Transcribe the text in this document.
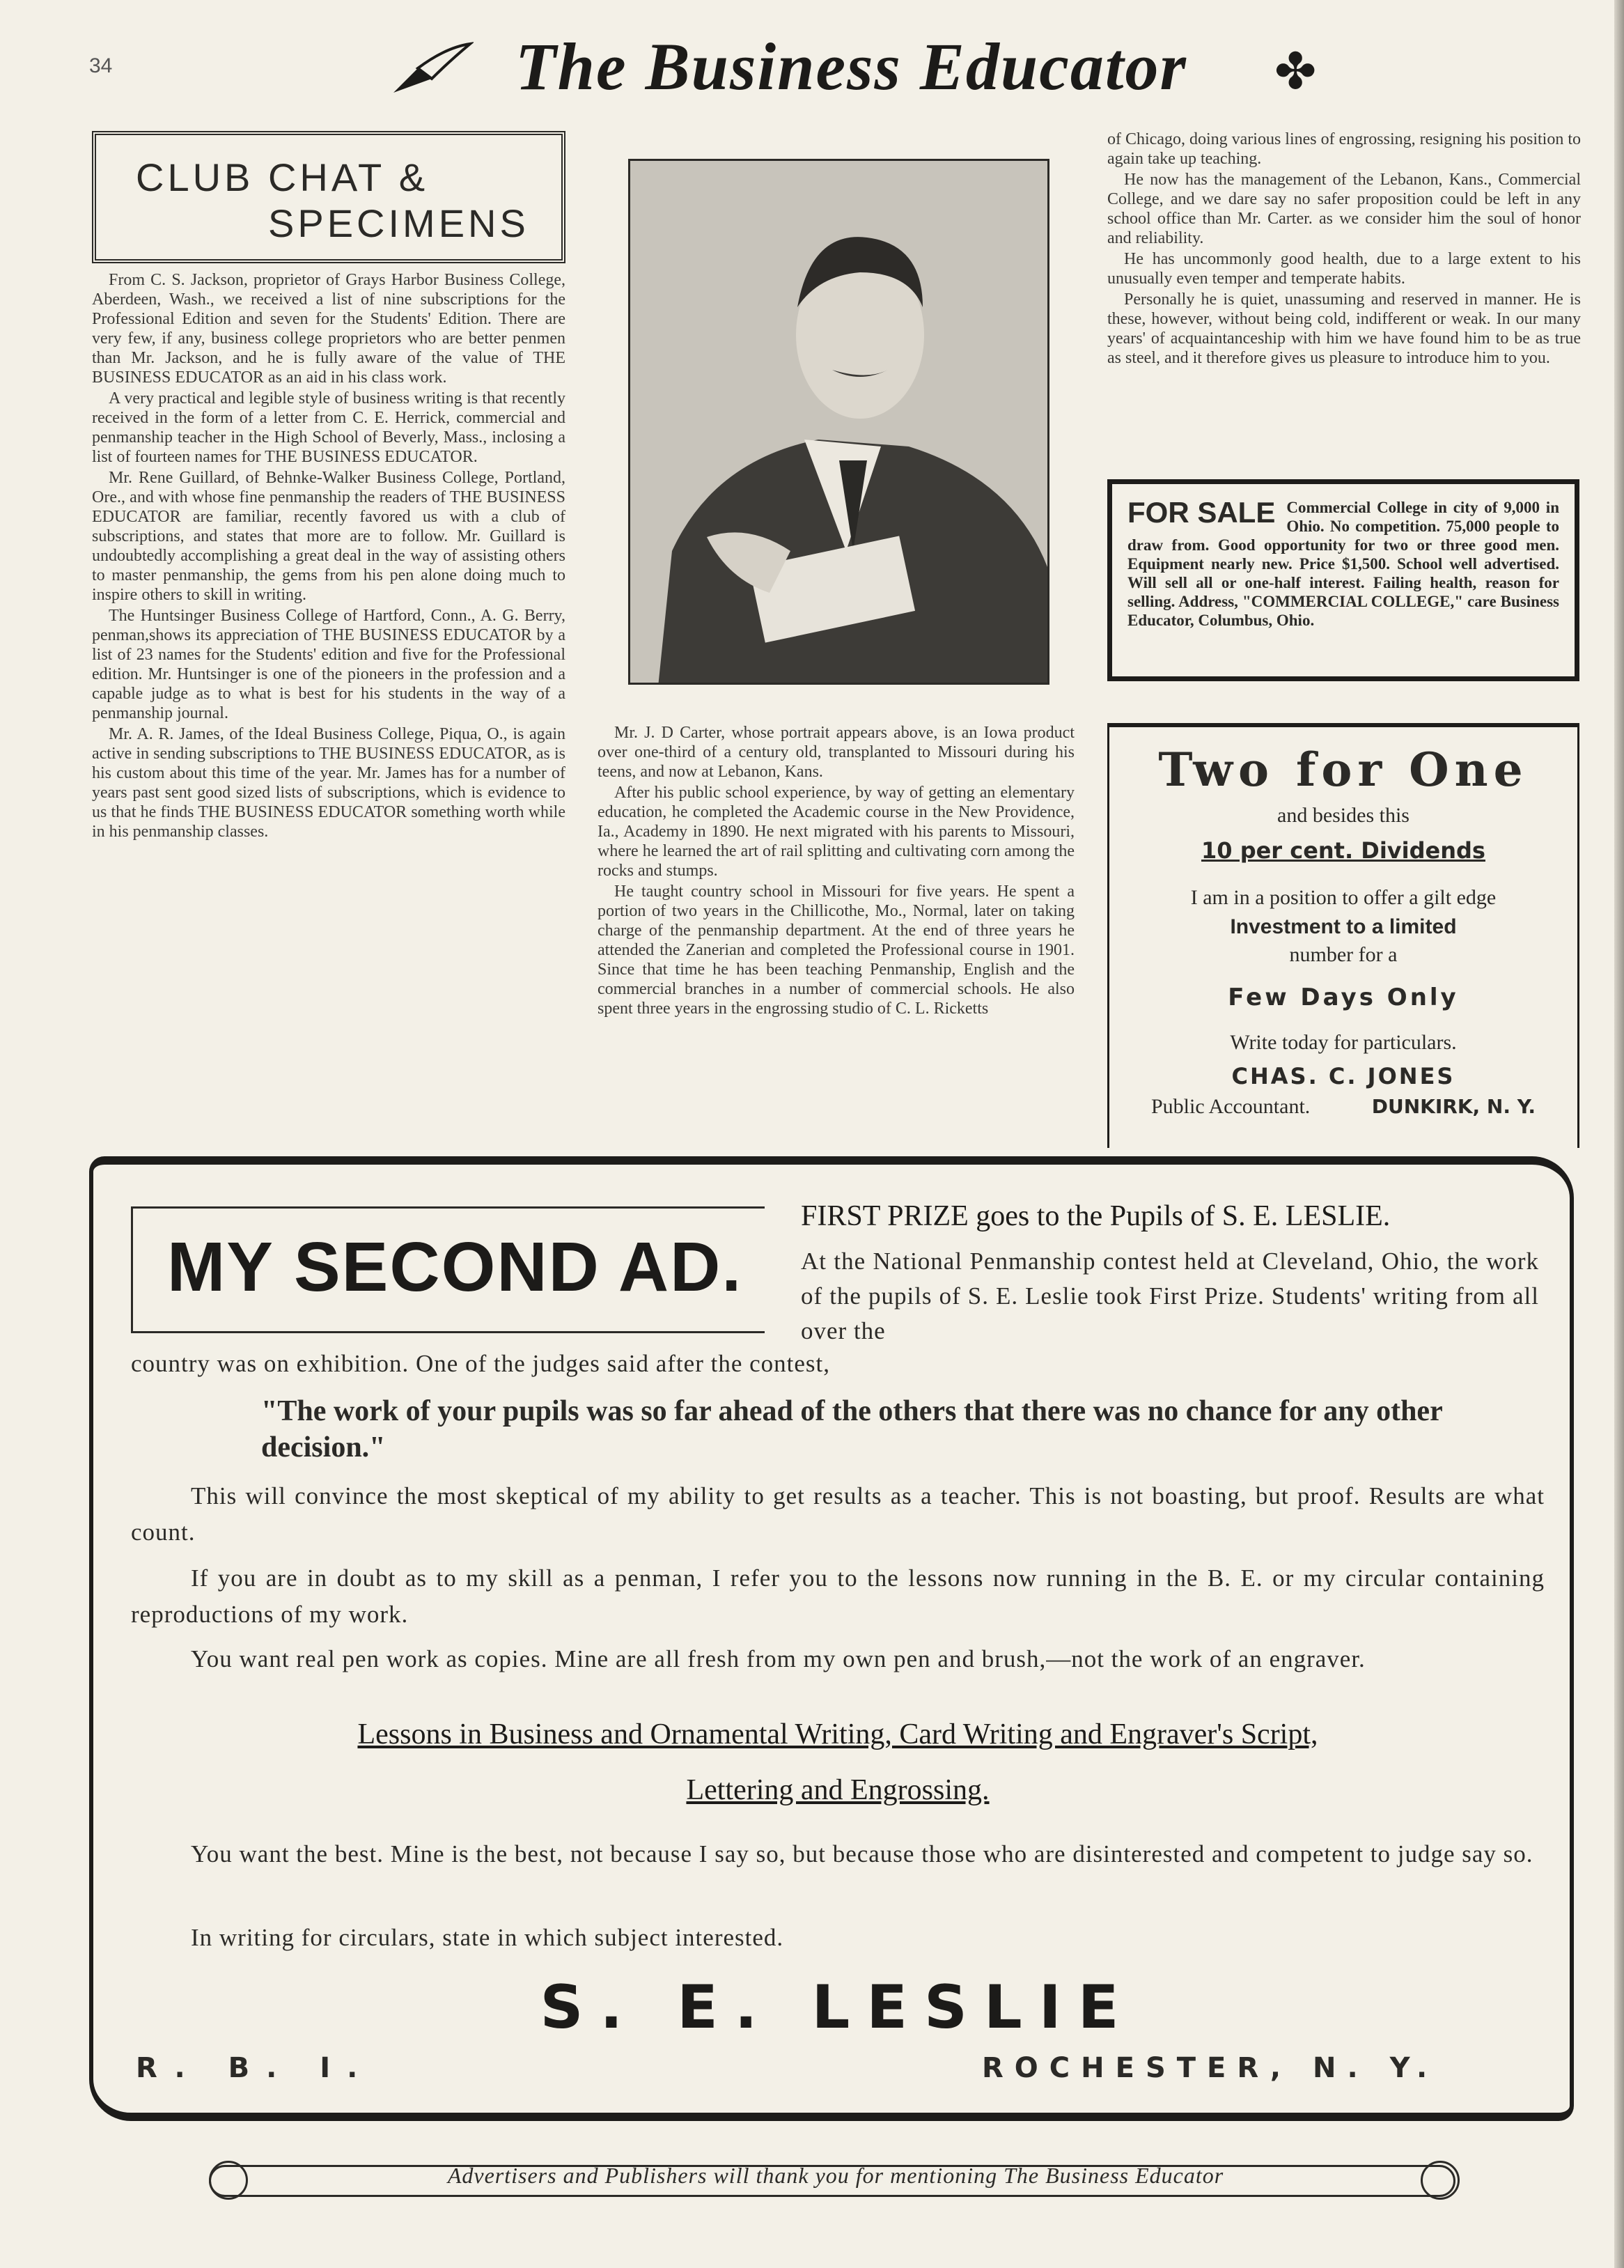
34	The Business Educator ✤
CLUB CHAT &
SPECIMENS

From C. S. Jackson, proprietor of Grays Harbor Business College, Aberdeen, Wash., we received a list of nine subscriptions for the Professional Edition and seven for the Students' Edition. There are very few, if any, business college proprietors who are better penmen than Mr. Jackson, and he is fully aware of the value of THE BUSINESS EDUCATOR as an aid in his class work.

A very practical and legible style of business writing is that recently received in the form of a letter from C. E. Herrick, commercial and penmanship teacher in the High School of Beverly, Mass., inclosing a list of fourteen names for THE BUSINESS EDUCATOR.

Mr. Rene Guillard, of Behnke-Walker Business College, Portland, Ore., and with whose fine penmanship the readers of THE BUSINESS EDUCATOR are familiar, recently favored us with a club of subscriptions, and states that more are to follow. Mr. Guillard is undoubtedly accomplishing a great deal in the way of assisting others to master penmanship, the gems from his pen alone doing much to inspire others to skill in writing.

The Huntsinger Business College of Hartford, Conn., A. G. Berry, penman,shows its appreciation of THE BUSINESS EDUCATOR by a list of 23 names for the Students' edition and five for the Professional edition. Mr. Huntsinger is one of the pioneers in the profession and a capable judge as to what is best for his students in the way of a penmanship journal.

Mr. A. R. James, of the Ideal Business College, Piqua, O., is again active in sending subscriptions to THE BUSINESS EDUCATOR, as is his custom about this time of the year. Mr. James has for a number of years past sent good sized lists of subscriptions, which is evidence to us that he finds THE BUSINESS EDUCATOR something worth while in his penmanship classes.

Mr. J. D Carter, whose portrait appears above, is an Iowa product over one-third of a century old, transplanted to Missouri during his teens, and now at Lebanon, Kans.

After his public school experience, by way of getting an elementary education, he completed the Academic course in the New Providence, Ia., Academy in 1890. He next migrated with his parents to Missouri, where he learned the art of rail splitting and cultivating corn among the rocks and stumps.

He taught country school in Missouri for five years. He spent a portion of two years in the Chillicothe, Mo., Normal, later on taking charge of the penmanship department. At the end of three years he attended the Zanerian and completed the Professional course in 1901. Since that time he has been teaching Penmanship, English and the commercial branches in a number of commercial schools. He also spent three years in the engrossing studio of C. L. Ricketts

of Chicago, doing various lines of engrossing, resigning his position to again take up teaching.

He now has the management of the Lebanon, Kans., Commercial College, and we dare say no safer proposition could be left in any school office than Mr. Carter. as we consider him the soul of honor and reliability.

He has uncommonly good health, due to a large extent to his unusually even temper and temperate habits.

Personally he is quiet, unassuming and reserved in manner. He is these, however, without being cold, indifferent or weak. In our many years' of acquaintanceship with him we have found him to be as true as steel, and it therefore gives us pleasure to introduce him to you.

FOR SALE Commercial College in city of 9,000 in Ohio. No competition. 75,000 people to draw from. Good opportunity for two or three good men. Equipment nearly new. Price $1,500. School well advertised. Will sell all or one-half interest. Failing health, reason for selling. Address, "COMMERCIAL COLLEGE," care Business Educator, Columbus, Ohio.
Two for One
and besides this
10 per cent. Dividends
I am in a position to offer a gilt edge
Investment to a limited
number for a
Few Days Only
Write today for particulars.
CHAS. C. JONES
Public Accountant.	DUNKIRK, N. Y.
MY SECOND AD.
FIRST PRIZE goes to the Pupils of S. E. LESLIE.
At the National Penmanship contest held at Cleveland, Ohio, the work of the pupils of S. E. Leslie took First Prize. Students' writing from all over the
country was on exhibition. One of the judges said after the contest,
"The work of your pupils was so far ahead of the others that there was no chance for any other decision."
This will convince the most skeptical of my ability to get results as a teacher. This is not boasting, but proof. Results are what count.
If you are in doubt as to my skill as a penman, I refer you to the lessons now running in the B. E. or my circular containing reproductions of my work.
You want real pen work as copies. Mine are all fresh from my own pen and brush,—not the work of an engraver.
Lessons in Business and Ornamental Writing, Card Writing and Engraver's Script,
Lettering and Engrossing.
You want the best. Mine is the best, not because I say so, but because those who are disinterested and competent to judge say so.
In writing for circulars, state in which subject interested.
S. E. LESLIE
R. B. I.	ROCHESTER, N. Y.
Advertisers and Publishers will thank you for mentioning The Business Educator
